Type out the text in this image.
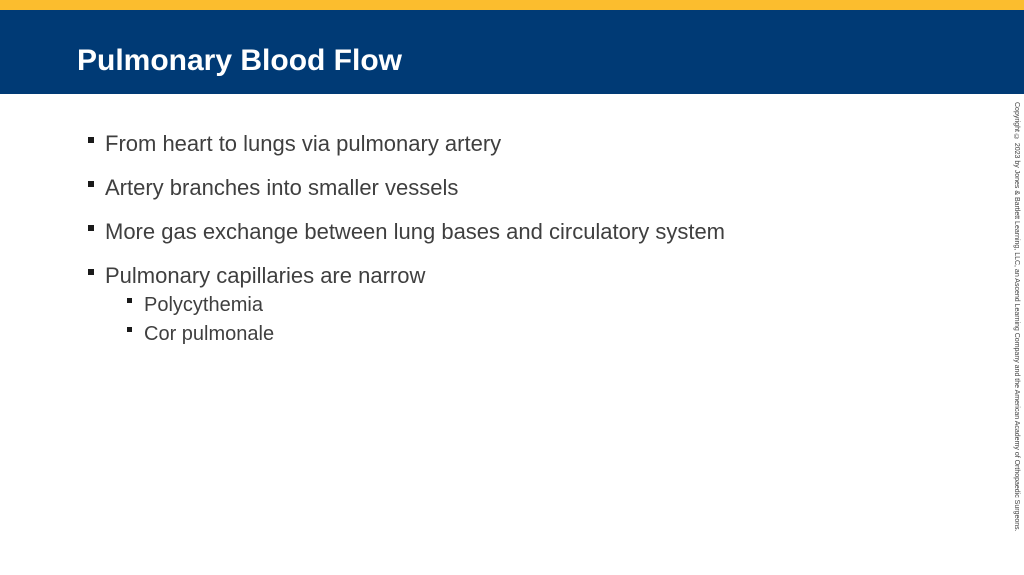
Pulmonary Blood Flow
From heart to lungs via pulmonary artery
Artery branches into smaller vessels
More gas exchange between lung bases and circulatory system
Pulmonary capillaries are narrow
Polycythemia
Cor pulmonale	Copyright © 2023 by Jones & Bartlett Learning, LLC, an Ascend Learning Company and the American Academy of Orthopaedic Surgeons.
